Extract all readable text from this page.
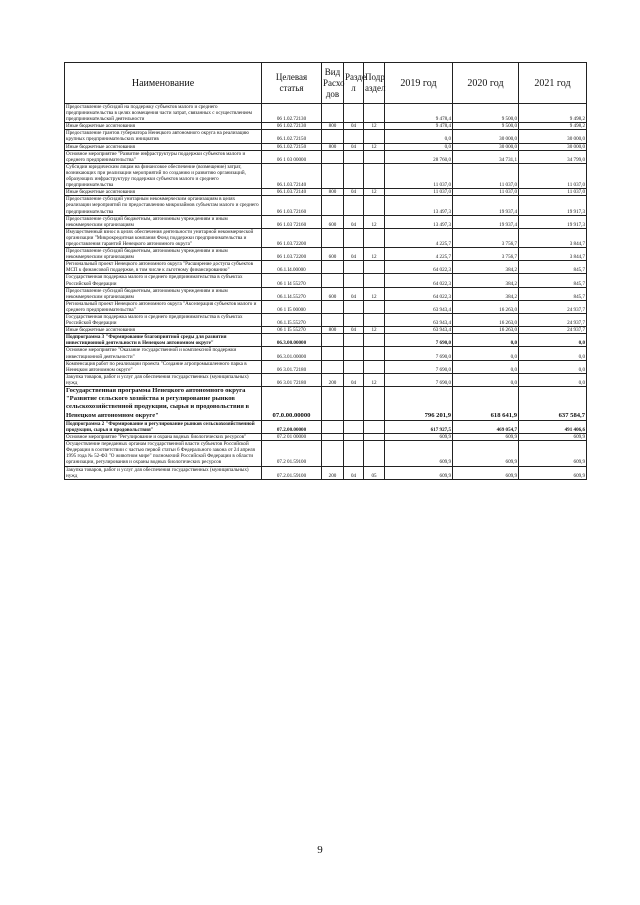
Наименование	Целевая статья	Вид Расхо дов	Разде л	Подр аздел	2019 год	2020 год	2021 год
Предоставление субсидий на поддержку субъектов малого и среднего предпринимательства в целях возмещения части затрат, связанных с осуществлением предпринимательской деятельности	06 1.02.72130				9 478,4	9 500,0	9 498,2
Иные бюджетные ассигнования	06 1.02.72130	800	04	12	9 478,4	9 500,0	9 498,2
Предоставление грантов губернатора Ненецкого автономного округа на реализацию крупных предпринимательских инициатив	06.1.02.72150				0,0	30 000,0	30 000,0
Иные бюджетные ассигнования	06.1.02.72150	800	04	12	0,0	30 000,0	30 000,0
Основное мероприятие "Развитие инфраструктуры поддержки субъектов малого и среднего предпринимательства"	06 1 03 00000				28 760,0	34 731,1	34 799,0
Субсидии юридическим лицам на финансовое обеспечение (возмещение) затрат, возникающих при реализации мероприятий по созданию и развитию организаций, образующих инфраструктуру поддержки субъектов малого и среднего предпринимательства	06.1.03.72140				11 037,0	11 037,0	11 037,0
Иные бюджетные ассигнования	06.1.03.72140	800	04	12	11 037,0	11 037,0	11 037,0
Предоставление субсидий унитарным некоммерческим организациям в целях реализации мероприятий по предоставлению микрозаймов субъектам малого и среднего предпринимательства	06 1.03.72160				13 497,3	19 937,4	19 917,3
Предоставление субсидий бюджетным, автономным учреждениям и иным некоммерческим организациям	06 1.03 72160	600	04	12	13 497,3	19 937,4	19 917,3
Имущественный взнос в целях обеспечения деятельности унитарной некоммерческой организации "Микрокредитная компания Фонд поддержки предпринимательства и предоставления гарантий Ненецкого автономного округа"	06 1.03.72200				4 225,7	3 756,7	3 844,7
Предоставление субсидий бюджетным, автономным учреждениям и иным некоммерческим организациям	06 1.03.72200	600	04	12	4 225,7	3 756,7	3 844,7
Региональный проект Ненецкого автономного округа "Расширение доступа субъектов МСП к финансовой поддержке, в том числе к льготному финансированию"	06.1.I4.00000				64 022,3	384,2	845,7
Государственная поддержка малого и среднего предпринимательства в субъектах Российской Федерации	06 1 I4 55270				64 022,3	384,2	845,7
Предоставление субсидий бюджетным, автономным учреждениям и иным некоммерческим организациям	06.1.I4.55270	600	04	12	64 022,3	384,2	845,7
Региональный проект Ненецкого автономного округа "Акселерация субъектов малого и среднего предпринимательства"	06 1 I5 00000				63 943,4	16 263,0	24 937,7
Государственная поддержка малого и среднего предпринимательства в субъектах Российской Федерации	06.1.I5.55270				63 943,4	16 263,0	24 937,7
Иные бюджетные ассигнования	06 1 I5 55270	800	04	12	63 943,4	16 263,0	24 937,7
Подпрограмма 3 "Формирование благоприятной среды для развития инвестиционной деятельности в Ненецком автономном округе"	06.3.00.00000				7 690,0	0,0	0,0
Основное мероприятие "Оказание государственной и комплексной поддержки инвестиционной деятельности"	06.3.01.00000				7 690,0	0,0	0,0
Компенсация работ по реализации проекта "Создание агропромышленного парка в Ненецком автономном округе"	06 3.01.72180				7 690,0	0,0	0,0
Закупка товаров, работ и услуг для обеспечения государственных (муниципальных) нужд	06 3.01 72180	200	04	12	7 690,0	0,0	0,0
Государственная программа Ненецкого автономного округа "Развитие сельского хозяйства и регулирование рынков сельскохозяйственной продукции, сырья и продовольствия в Ненецком автономном округе"	07.0.00.00000				796 201,9	618 641,9	637 584,7
Подпрограмма 2 "Формирование и регулирование рынков сельскохозяйственной продукции, сырья и продовольствия"	07.2.00.00000				617 927,5	469 054,7	491 406,6
Основное мероприятие "Регулирование и охрана водных биологических ресурсов"	07.2 01 00000				609,9	609,9	609,9
Осуществление переданных органам государственной власти субъектов Российской Федерации в соответствии с частью первой статьи 6 Федерального закона от 24 апреля 1995 года № 52-ФЗ "О животном мире" полномочий Российской Федерации в области организации, регулирования и охраны водных биологических ресурсов	07.2 01.59100				609,9	609,9	609,9
Закупка товаров, работ и услуг для обеспечения государственных (муниципальных) нужд	07.2.01.59100	200	04	05	609,9	609,9	609,9
9
